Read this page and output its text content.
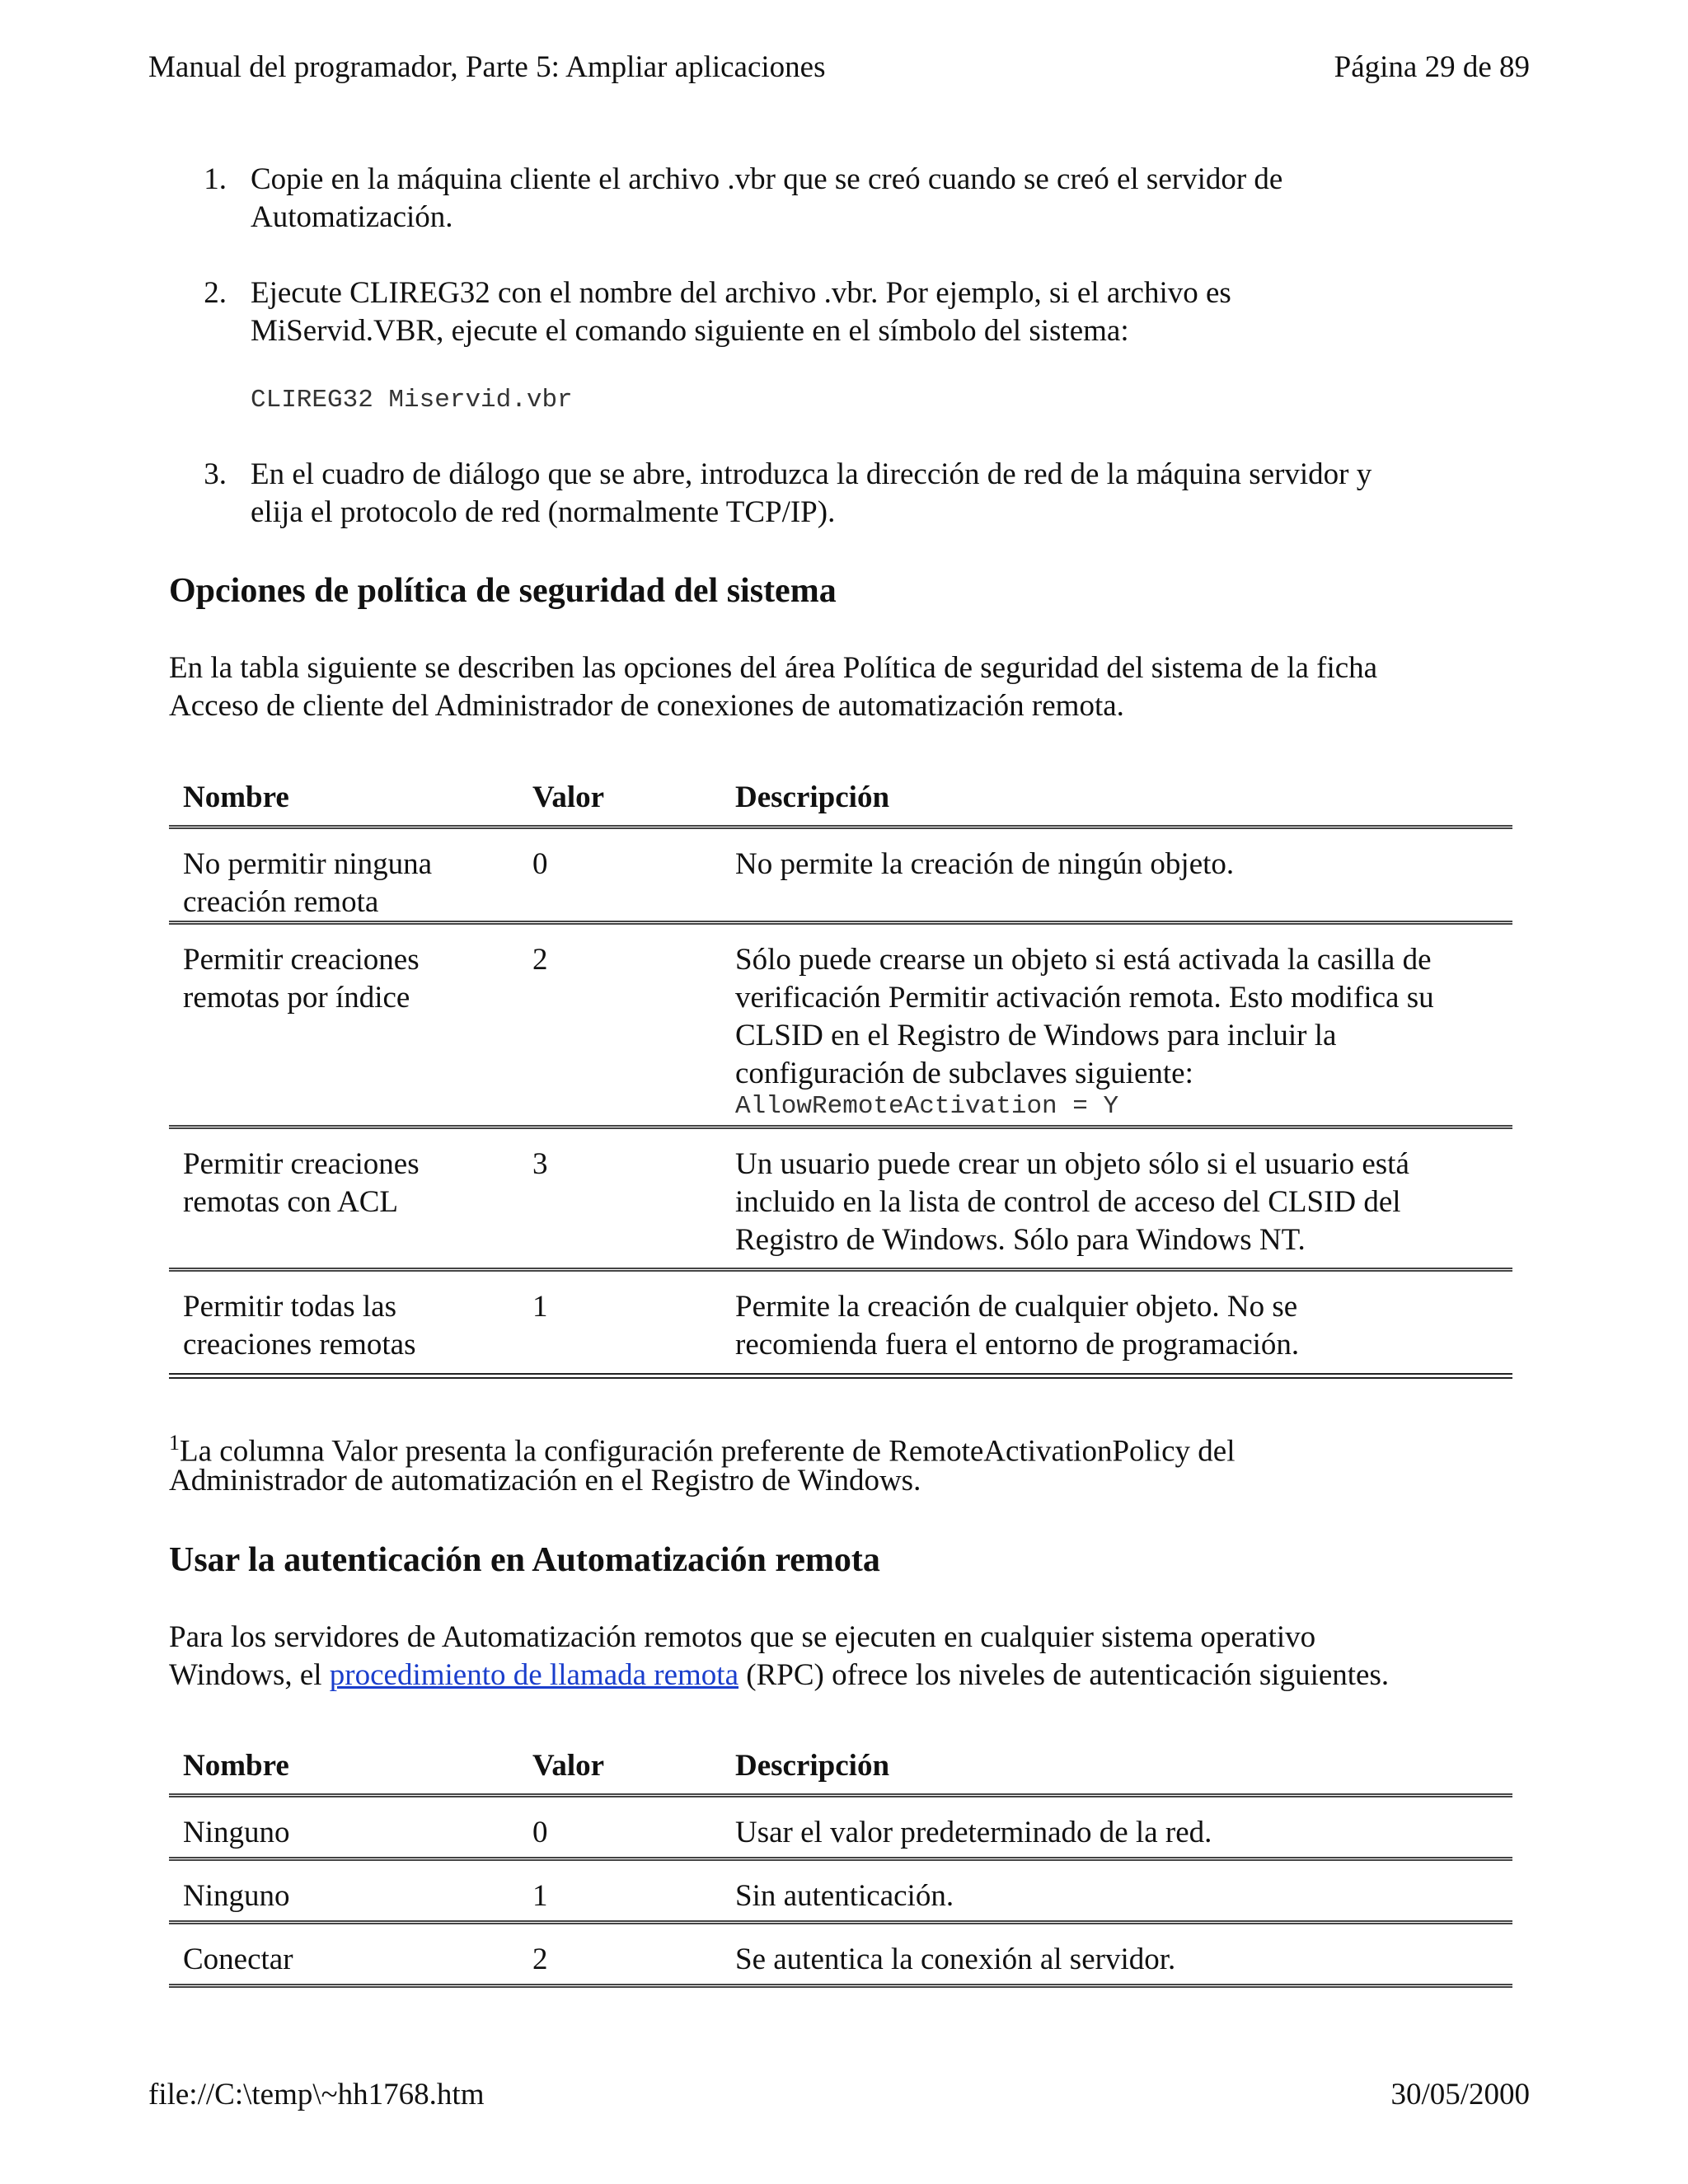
Manual del programador, Parte 5: Ampliar aplicaciones	Página 29 de 89
1. Copie en la máquina cliente el archivo .vbr que se creó cuando se creó el servidor de
Automatización.
2. Ejecute CLIREG32 con el nombre del archivo .vbr. Por ejemplo, si el archivo es
MiServid.VBR, ejecute el comando siguiente en el símbolo del sistema:
CLIREG32 Miservid.vbr
3. En el cuadro de diálogo que se abre, introduzca la dirección de red de la máquina servidor y
elija el protocolo de red (normalmente TCP/IP).
Opciones de política de seguridad del sistema
En la tabla siguiente se describen las opciones del área Política de seguridad del sistema de la ficha
Acceso de cliente del Administrador de conexiones de automatización remota.
Nombre	Valor	Descripción
No permitir ninguna
creación remota
0	No permite la creación de ningún objeto.
Permitir creaciones
remotas por índice
2	Sólo puede crearse un objeto si está activada la casilla de
verificación Permitir activación remota. Esto modifica su
CLSID en el Registro de Windows para incluir la
configuración de subclaves siguiente:
AllowRemoteActivation = Y
Permitir creaciones
remotas con ACL
3	Un usuario puede crear un objeto sólo si el usuario está
incluido en la lista de control de acceso del CLSID del
Registro de Windows. Sólo para Windows NT.
Permitir todas las
creaciones remotas
1	Permite la creación de cualquier objeto. No se
recomienda fuera el entorno de programación.
$^1$La columna Valor presenta la configuración preferente de RemoteActivationPolicy del
Administrador de automatización en el Registro de Windows.
Usar la autenticación en Automatización remota
Para los servidores de Automatización remotos que se ejecuten en cualquier sistema operativo
Windows, el procedimiento de llamada remota (RPC) ofrece los niveles de autenticación siguientes.
Nombre	Valor	Descripción
Ninguno	0	Usar el valor predeterminado de la red.
Ninguno	1	Sin autenticación.
Conectar	2	Se autentica la conexión al servidor.
file://C:\temp\~hh1768.htm	30/05/2000
